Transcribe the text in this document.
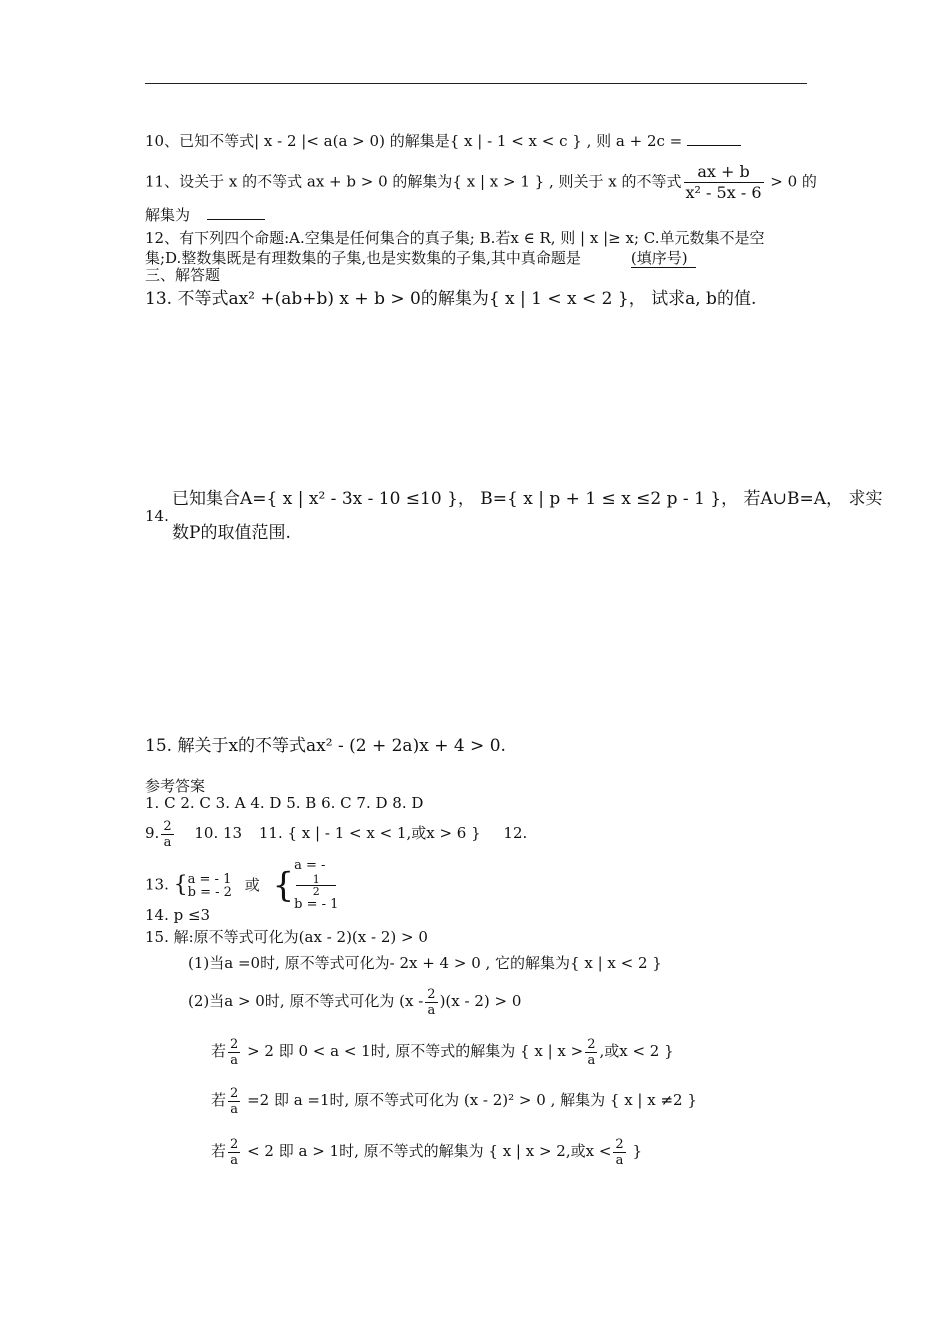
10、已知不等式| x - 2 |< a(a > 0) 的解集是{ x | - 1 < x < c } , 则 a + 2c =
11、设关于 x 的不等式 ax + b > 0 的解集为{ x | x > 1 } , 则关于 x 的不等式 $\frac{ax + b}{\text{x² - 5x - 6}} > 0$ 的
解集为
12、有下列四个命题:A.空集是任何集合的真子集; B.若x ∈ R, 则 | x |≥ x; C.单元数集不是空
集;D.整数集既是有理数集的子集,也是实数集的子集,其中真命题是	(填序号)
三、解答题
13. 不等式ax² +(ab+b) x + b > 0的解集为{ x | 1 < x < 2 }， 试求a, b的值.
14.
已知集合A={ x | x² - 3x - 10 ≤10 }， B={ x | p + 1 ≤ x ≤2 p - 1 }， 若A∪B=A， 求实
数P的取值范围.
15. 解关于x的不等式ax² - (2 + 2a)x + 4 > 0.
参考答案
1. C 2. C 3. A 4. D 5. B 6. C 7. D 8. D
9. $\frac{2}{a} 10$. 13 11. { x | - 1 < x < 1,或x > 6 } 12.
13. { a = - 1
b = - 2 或 { a = -
1
2
b = - 1
14. p ≤3
15. 解:原不等式可化为(ax - 2)(x - 2) > 0
(1)当a =0时, 原不等式可化为- 2x + 4 > 0 , 它的解集为{ x | x < 2 }
(2)当a > 0时, 原不等式可化为 $(x - \frac{2}{a} )(x - 2) > 0$
若 $\frac{2}{a} > 2$ 即 0 < a < 1时, 原不等式的解集为 { x | $x > \frac{2}{a}$ ,或x < 2 }
若 $\frac{2}{a} =2$ 即 a =1时, 原不等式可化为 (x - 2)² > 0 , 解集为 { x | x ≠2 }
若 $\frac{2}{a} < 2$ 即 a > 1时, 原不等式的解集为 { x | x > 2,或$x < \frac{2}{a}$ }
